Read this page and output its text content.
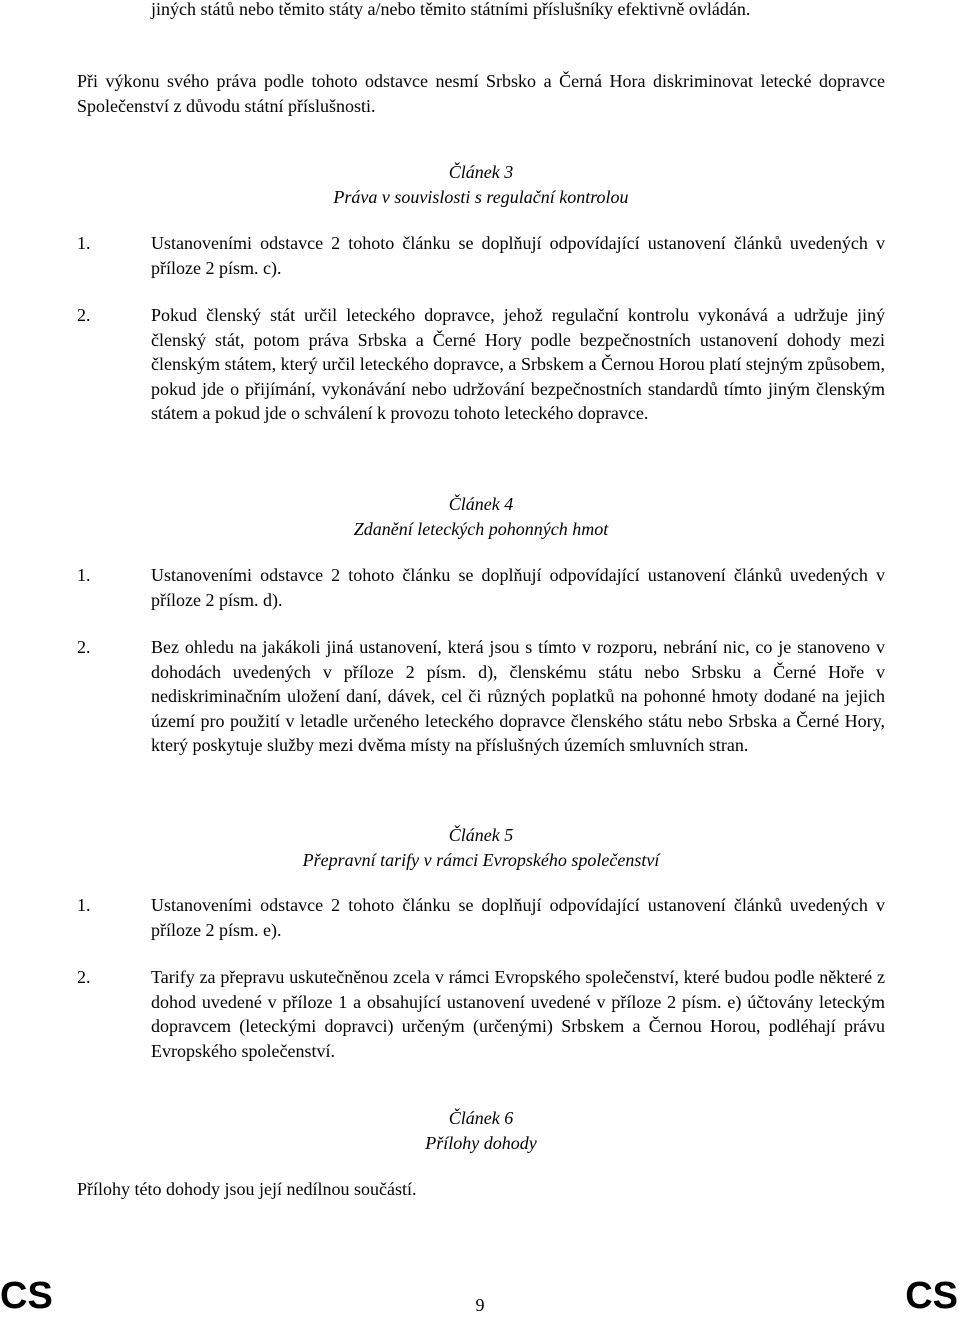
jiných států nebo těmito státy a/nebo těmito státními příslušníky efektivně ovládán.

Při výkonu svého práva podle tohoto odstavce nesmí Srbsko a Černá Hora diskriminovat letecké dopravce Společenství z důvodu státní příslušnosti.

Článek 3

Práva v souvislosti s regulační kontrolou

1.	Ustanoveními odstavce 2 tohoto článku se doplňují odpovídající ustanovení článků uvedených v příloze 2 písm. c).
2.	Pokud členský stát určil leteckého dopravce, jehož regulační kontrolu vykonává a udržuje jiný členský stát, potom práva Srbska a Černé Hory podle bezpečnostních ustanovení dohody mezi členským státem, který určil leteckého dopravce, a Srbskem a Černou Horou platí stejným způsobem, pokud jde o přijímání, vykonávání nebo udržování bezpečnostních standardů tímto jiným členským státem a pokud jde o schválení k provozu tohoto leteckého dopravce.

Článek 4

Zdanění leteckých pohonných hmot

1.	Ustanoveními odstavce 2 tohoto článku se doplňují odpovídající ustanovení článků uvedených v příloze 2 písm. d).
2.	Bez ohledu na jakákoli jiná ustanovení, která jsou s tímto v rozporu, nebrání nic, co je stanoveno v dohodách uvedených v příloze 2 písm. d), členskému státu nebo Srbsku a Černé Hoře v nediskriminačním uložení daní, dávek, cel či různých poplatků na pohonné hmoty dodané na jejich území pro použití v letadle určeného leteckého dopravce členského státu nebo Srbska a Černé Hory, který poskytuje služby mezi dvěma místy na příslušných územích smluvních stran.

Článek 5

Přepravní tarify v rámci Evropského společenství

1.	Ustanoveními odstavce 2 tohoto článku se doplňují odpovídající ustanovení článků uvedených v příloze 2 písm. e).
2.	Tarify za přepravu uskutečněnou zcela v rámci Evropského společenství, které budou podle některé z dohod uvedené v příloze 1 a obsahující ustanovení uvedené v příloze 2 písm. e) účtovány leteckým dopravcem (leteckými dopravci) určeným (určenými) Srbskem a Černou Horou, podléhají právu Evropského společenství.

Článek 6

Přílohy dohody

Přílohy této dohody jsou její nedílnou součástí.

CS	9	CS
